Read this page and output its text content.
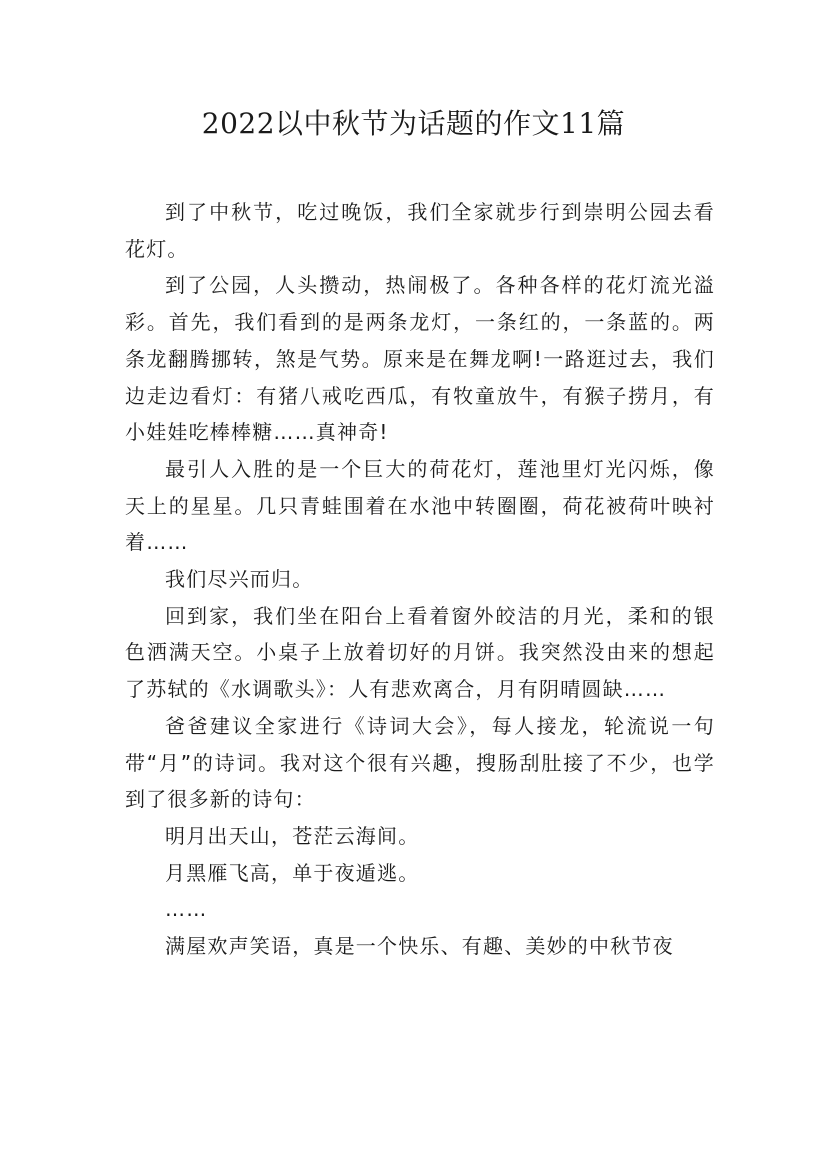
2022以中秋节为话题的作文11篇

到了中秋节，吃过晚饭，我们全家就步行到崇明公园去看花灯。

到了公园，人头攒动，热闹极了。各种各样的花灯流光溢彩。首先，我们看到的是两条龙灯，一条红的，一条蓝的。两条龙翻腾挪转，煞是气势。原来是在舞龙啊!一路逛过去，我们边走边看灯：有猪八戒吃西瓜，有牧童放牛，有猴子捞月，有小娃娃吃棒棒糖……真神奇!

最引人入胜的是一个巨大的荷花灯，莲池里灯光闪烁，像天上的星星。几只青蛙围着在水池中转圈圈，荷花被荷叶映衬着……

我们尽兴而归。

回到家，我们坐在阳台上看着窗外皎洁的月光，柔和的银色洒满天空。小桌子上放着切好的月饼。我突然没由来的想起了苏轼的《水调歌头》：人有悲欢离合，月有阴晴圆缺……

爸爸建议全家进行《诗词大会》，每人接龙，轮流说一句带“月”的诗词。我对这个很有兴趣，搜肠刮肚接了不少，也学到了很多新的诗句：

明月出天山，苍茫云海间。

月黑雁飞高，单于夜遁逃。

……

满屋欢声笑语，真是一个快乐、有趣、美妙的中秋节夜
